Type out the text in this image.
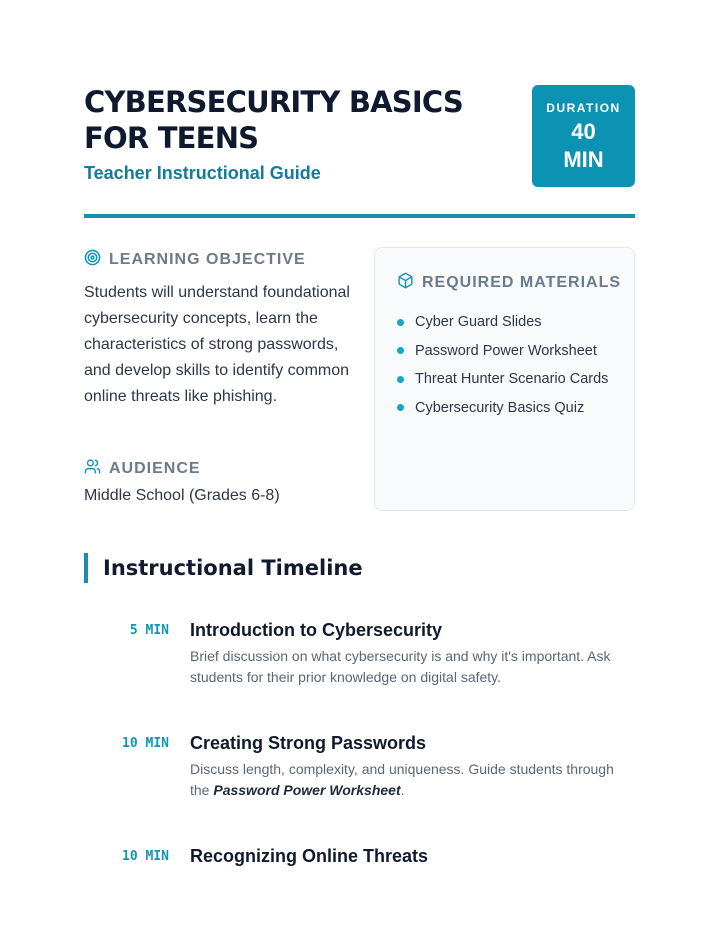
CYBERSECURITY BASICS FOR TEENS

Teacher Instructional Guide

DURATION
40 MIN
LEARNING OBJECTIVE

Students will understand foundational cybersecurity concepts, learn the characteristics of strong passwords, and develop skills to identify common online threats like phishing.

AUDIENCE

Middle School (Grades 6-8)

REQUIRED MATERIALS
Cyber Guard Slides
Password Power Worksheet
Threat Hunter Scenario Cards
Cybersecurity Basics Quiz
Instructional Timeline
5 MIN Introduction to Cybersecurity

Brief discussion on what cybersecurity is and why it's important. Ask students for their prior knowledge on digital safety.

10 MIN Creating Strong Passwords

Discuss length, complexity, and uniqueness. Guide students through the Password Power Worksheet.

10 MIN Recognizing Online Threats
